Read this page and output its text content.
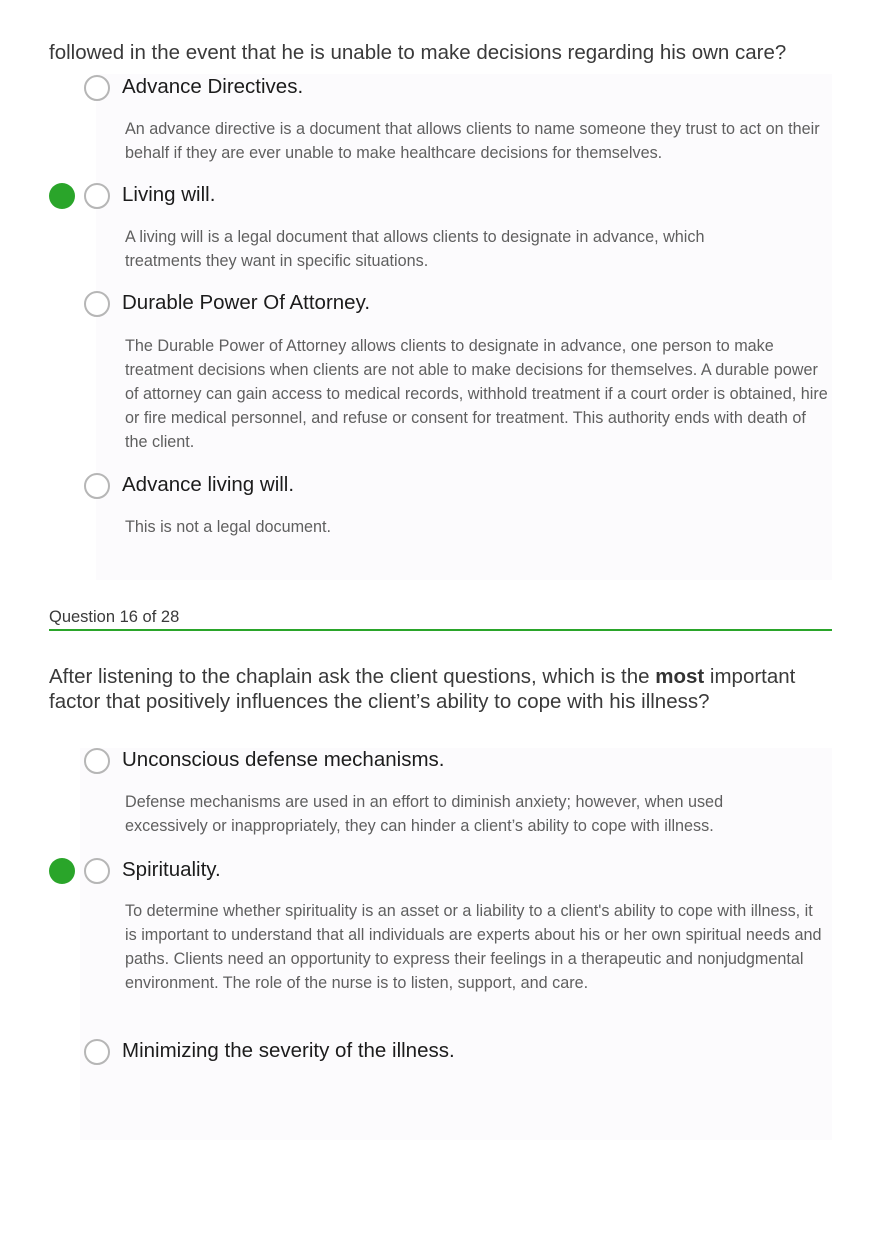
followed in the event that he is unable to make decisions regarding his own care?

Advance Directives.

An advance directive is a document that allows clients to name someone they trust to act on their behalf if they are ever unable to make healthcare decisions for themselves.

Living will.

A living will is a legal document that allows clients to designate in advance, which treatments they want in specific situations.

Durable Power Of Attorney.

The Durable Power of Attorney allows clients to designate in advance, one person to make treatment decisions when clients are not able to make decisions for themselves. A durable power of attorney can gain access to medical records, withhold treatment if a court order is obtained, hire or fire medical personnel, and refuse or consent for treatment. This authority ends with death of the client.

Advance living will.

This is not a legal document.

Question 16 of 28

After listening to the chaplain ask the client questions, which is the most important factor that positively influences the client’s ability to cope with his illness?

Unconscious defense mechanisms.

Defense mechanisms are used in an effort to diminish anxiety; however, when used excessively or inappropriately, they can hinder a client’s ability to cope with illness.

Spirituality.

To determine whether spirituality is an asset or a liability to a client's ability to cope with illness, it is important to understand that all individuals are experts about his or her own spiritual needs and paths. Clients need an opportunity to express their feelings in a therapeutic and nonjudgmental environment. The role of the nurse is to listen, support, and care.

Minimizing the severity of the illness.
